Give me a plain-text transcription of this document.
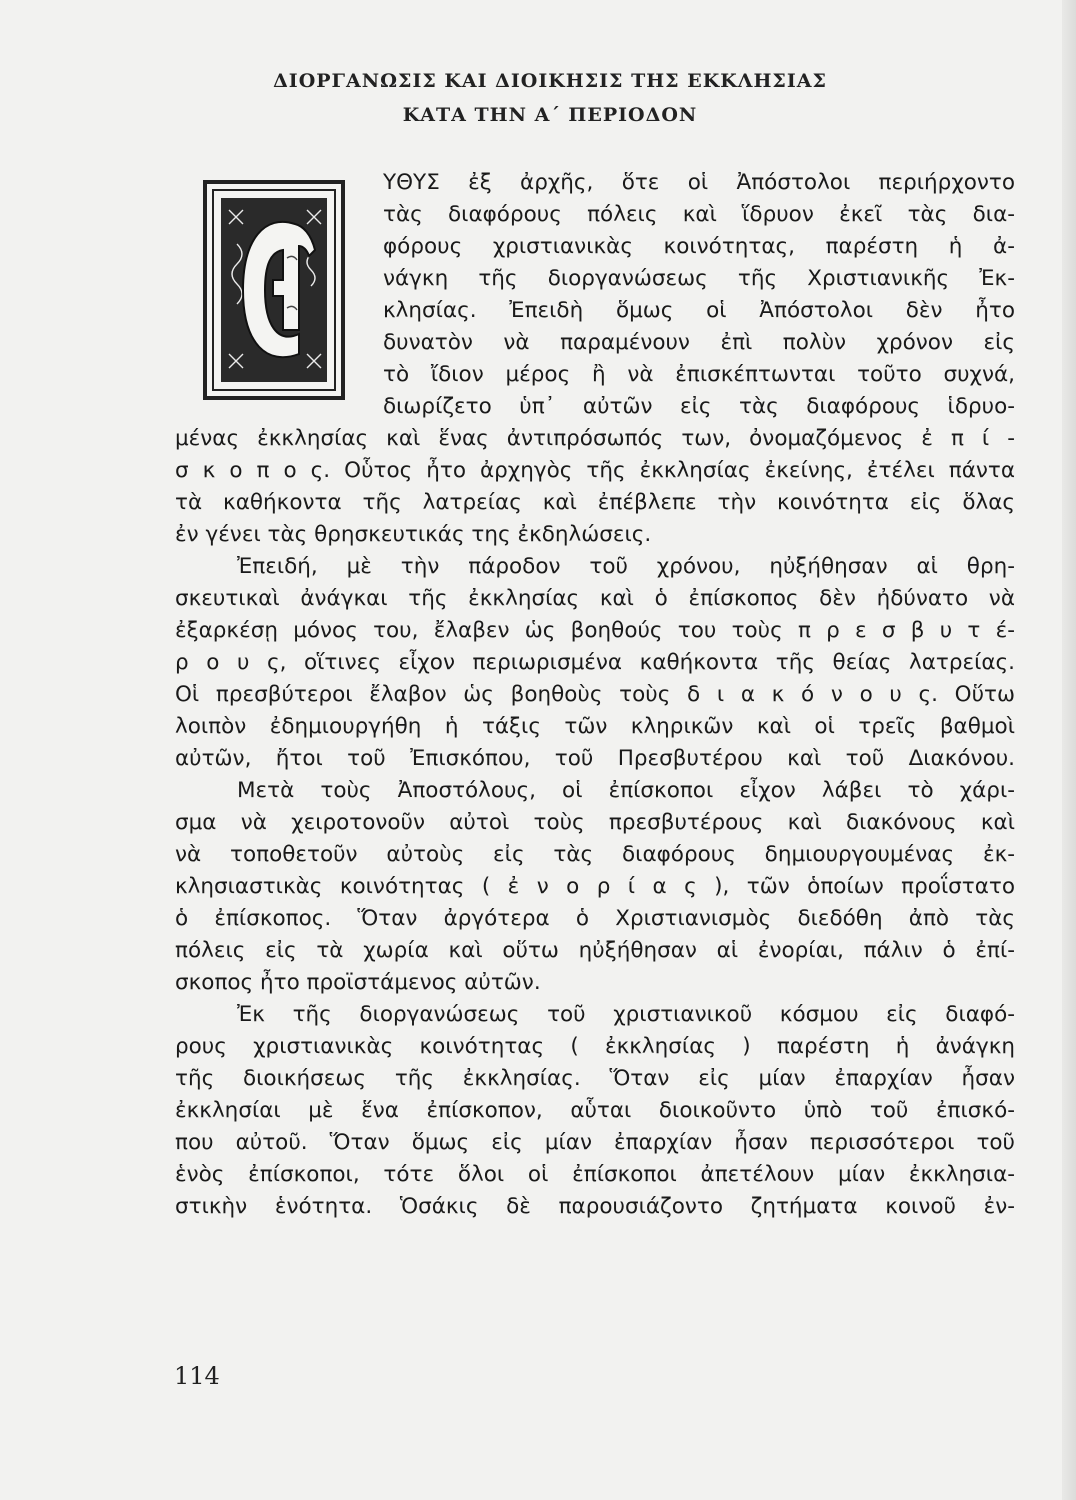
ΔΙΟΡΓΑΝΩΣΙΣ ΚΑΙ ΔΙΟΙΚΗΣΙΣ ΤΗΣ ΕΚΚΛΗΣΙΑΣ
ΚΑΤΑ ΤΗΝ Α΄ ΠΕΡΙΟΔΟΝ
ΥΘΥΣ ἐξ ἀρχῆς, ὅτε οἱ Ἀπόστολοι περιήρχοντο
τὰς διαφόρους πόλεις καὶ ἵδρυον ἐκεῖ τὰς δια-
φόρους χριστιανικὰς κοινότητας, παρέστη ἡ ἀ-
νάγκη τῆς διοργανώσεως τῆς Χριστιανικῆς Ἐκ-
κλησίας. Ἐπειδὴ ὅμως οἱ Ἀπόστολοι δὲν ἦτο
δυνατὸν νὰ παραμένουν ἐπὶ πολὺν χρόνον εἰς
τὸ ἴδιον μέρος ἢ νὰ ἐπισκέπτωνται τοῦτο συχνά,
διωρίζετο ὑπ᾽ αὐτῶν εἰς τὰς διαφόρους ἱδρυο-
μένας ἐκκλησίας καὶ ἕνας ἀντιπρόσωπός των, ὀνομαζόμενος ἐ π ί -
σ κ ο π ο ς. Οὗτος ἦτο ἀρχηγὸς τῆς ἐκκλησίας ἐκείνης, ἐτέλει πάντα
τὰ καθήκοντα τῆς λατρείας καὶ ἐπέβλεπε τὴν κοινότητα εἰς ὅλας
ἐν γένει τὰς θρησκευτικάς της ἐκδηλώσεις.
Ἐπειδή, μὲ τὴν πάροδον τοῦ χρόνου, ηὐξήθησαν αἱ θρη-
σκευτικαὶ ἀνάγκαι τῆς ἐκκλησίας καὶ ὁ ἐπίσκοπος δὲν ἠδύνατο νὰ
ἐξαρκέσῃ μόνος του, ἔλαβεν ὡς βοηθούς του τοὺς π ρ ε σ β υ τ έ-
ρ ο υ ς, οἵτινες εἶχον περιωρισμένα καθήκοντα τῆς θείας λατρείας.
Οἱ πρεσβύτεροι ἔλαβον ὡς βοηθοὺς τοὺς δ ι α κ ό ν ο υ ς. Οὕτω
λοιπὸν ἐδημιουργήθη ἡ τάξις τῶν κληρικῶν καὶ οἱ τρεῖς βαθμοὶ
αὐτῶν, ἤτοι τοῦ Ἐπισκόπου, τοῦ Πρεσβυτέρου καὶ τοῦ Διακόνου.
Μετὰ τοὺς Ἀποστόλους, οἱ ἐπίσκοποι εἶχον λάβει τὸ χάρι-
σμα νὰ χειροτονοῦν αὐτοὶ τοὺς πρεσβυτέρους καὶ διακόνους καὶ
νὰ τοποθετοῦν αὐτοὺς εἰς τὰς διαφόρους δημιουργουμένας ἐκ-
κλησιαστικὰς κοινότητας ( ἐ ν ο ρ ί α ς ), τῶν ὁποίων προΐστατο
ὁ ἐπίσκοπος. Ὅταν ἀργότερα ὁ Χριστιανισμὸς διεδόθη ἀπὸ τὰς
πόλεις εἰς τὰ χωρία καὶ οὕτω ηὐξήθησαν αἱ ἐνορίαι, πάλιν ὁ ἐπί-
σκοπος ἦτο προϊστάμενος αὐτῶν.
Ἐκ τῆς διοργανώσεως τοῦ χριστιανικοῦ κόσμου εἰς διαφό-
ρους χριστιανικὰς κοινότητας ( ἐκκλησίας ) παρέστη ἡ ἀνάγκη
τῆς διοικήσεως τῆς ἐκκλησίας. Ὅταν εἰς μίαν ἐπαρχίαν ἦσαν
ἐκκλησίαι μὲ ἕνα ἐπίσκοπον, αὗται διοικοῦντο ὑπὸ τοῦ ἐπισκό-
που αὐτοῦ. Ὅταν ὅμως εἰς μίαν ἐπαρχίαν ἦσαν περισσότεροι τοῦ
ἑνὸς ἐπίσκοποι, τότε ὅλοι οἱ ἐπίσκοποι ἀπετέλουν μίαν ἐκκλησια-
στικὴν ἑνότητα. Ὁσάκις δὲ παρουσιάζοντο ζητήματα κοινοῦ ἐν-
114
